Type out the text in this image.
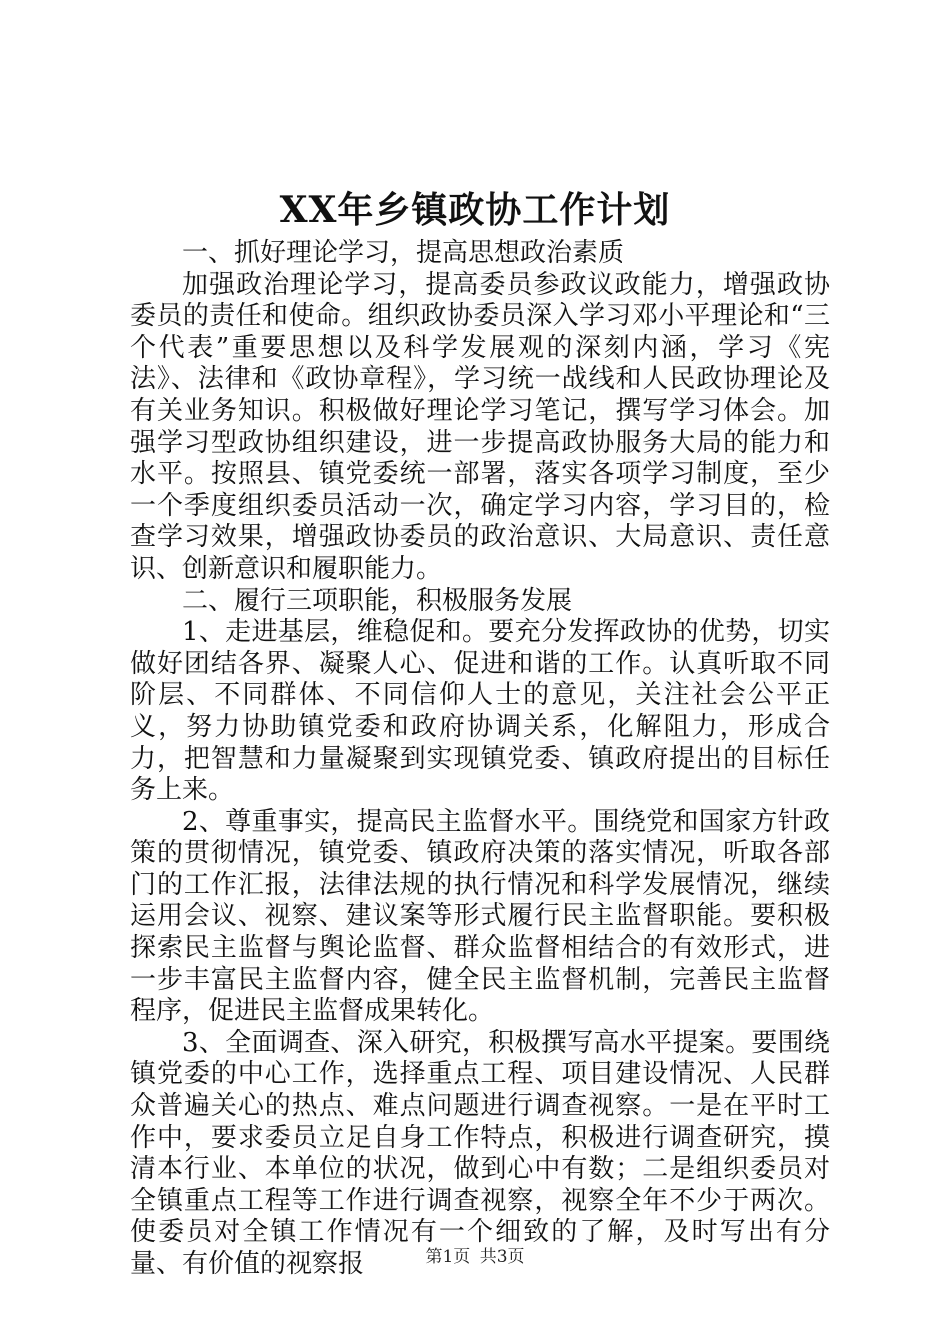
XX年乡镇政协工作计划

一、抓好理论学习，提高思想政治素质

加强政治理论学习，提高委员参政议政能力，增强政协委员的责任和使命。组织政协委员深入学习邓小平理论和“三个代表”重要思想以及科学发展观的深刻内涵，学习《宪法》、法律和《政协章程》，学习统一战线和人民政协理论及有关业务知识。积极做好理论学习笔记，撰写学习体会。加强学习型政协组织建设，进一步提高政协服务大局的能力和水平。按照县、镇党委统一部署，落实各项学习制度，至少一个季度组织委员活动一次，确定学习内容，学习目的，检查学习效果，增强政协委员的政治意识、大局意识、责任意识、创新意识和履职能力。

二、履行三项职能，积极服务发展

1、走进基层，维稳促和。要充分发挥政协的优势，切实做好团结各界、凝聚人心、促进和谐的工作。认真听取不同阶层、不同群体、不同信仰人士的意见，关注社会公平正义，努力协助镇党委和政府协调关系，化解阻力，形成合力，把智慧和力量凝聚到实现镇党委、镇政府提出的目标任务上来。

2、尊重事实，提高民主监督水平。围绕党和国家方针政策的贯彻情况，镇党委、镇政府决策的落实情况，听取各部门的工作汇报，法律法规的执行情况和科学发展情况，继续运用会议、视察、建议案等形式履行民主监督职能。要积极探索民主监督与舆论监督、群众监督相结合的有效形式，进一步丰富民主监督内容，健全民主监督机制，完善民主监督程序，促进民主监督成果转化。

3、全面调查、深入研究，积极撰写高水平提案。要围绕镇党委的中心工作，选择重点工程、项目建设情况、人民群众普遍关心的热点、难点问题进行调查视察。一是在平时工作中，要求委员立足自身工作特点，积极进行调查研究，摸清本行业、本单位的状况，做到心中有数；二是组织委员对全镇重点工程等工作进行调查视察，视察全年不少于两次。使委员对全镇工作情况有一个细致的了解，及时写出有分量、有价值的视察报	第1页 共3页
